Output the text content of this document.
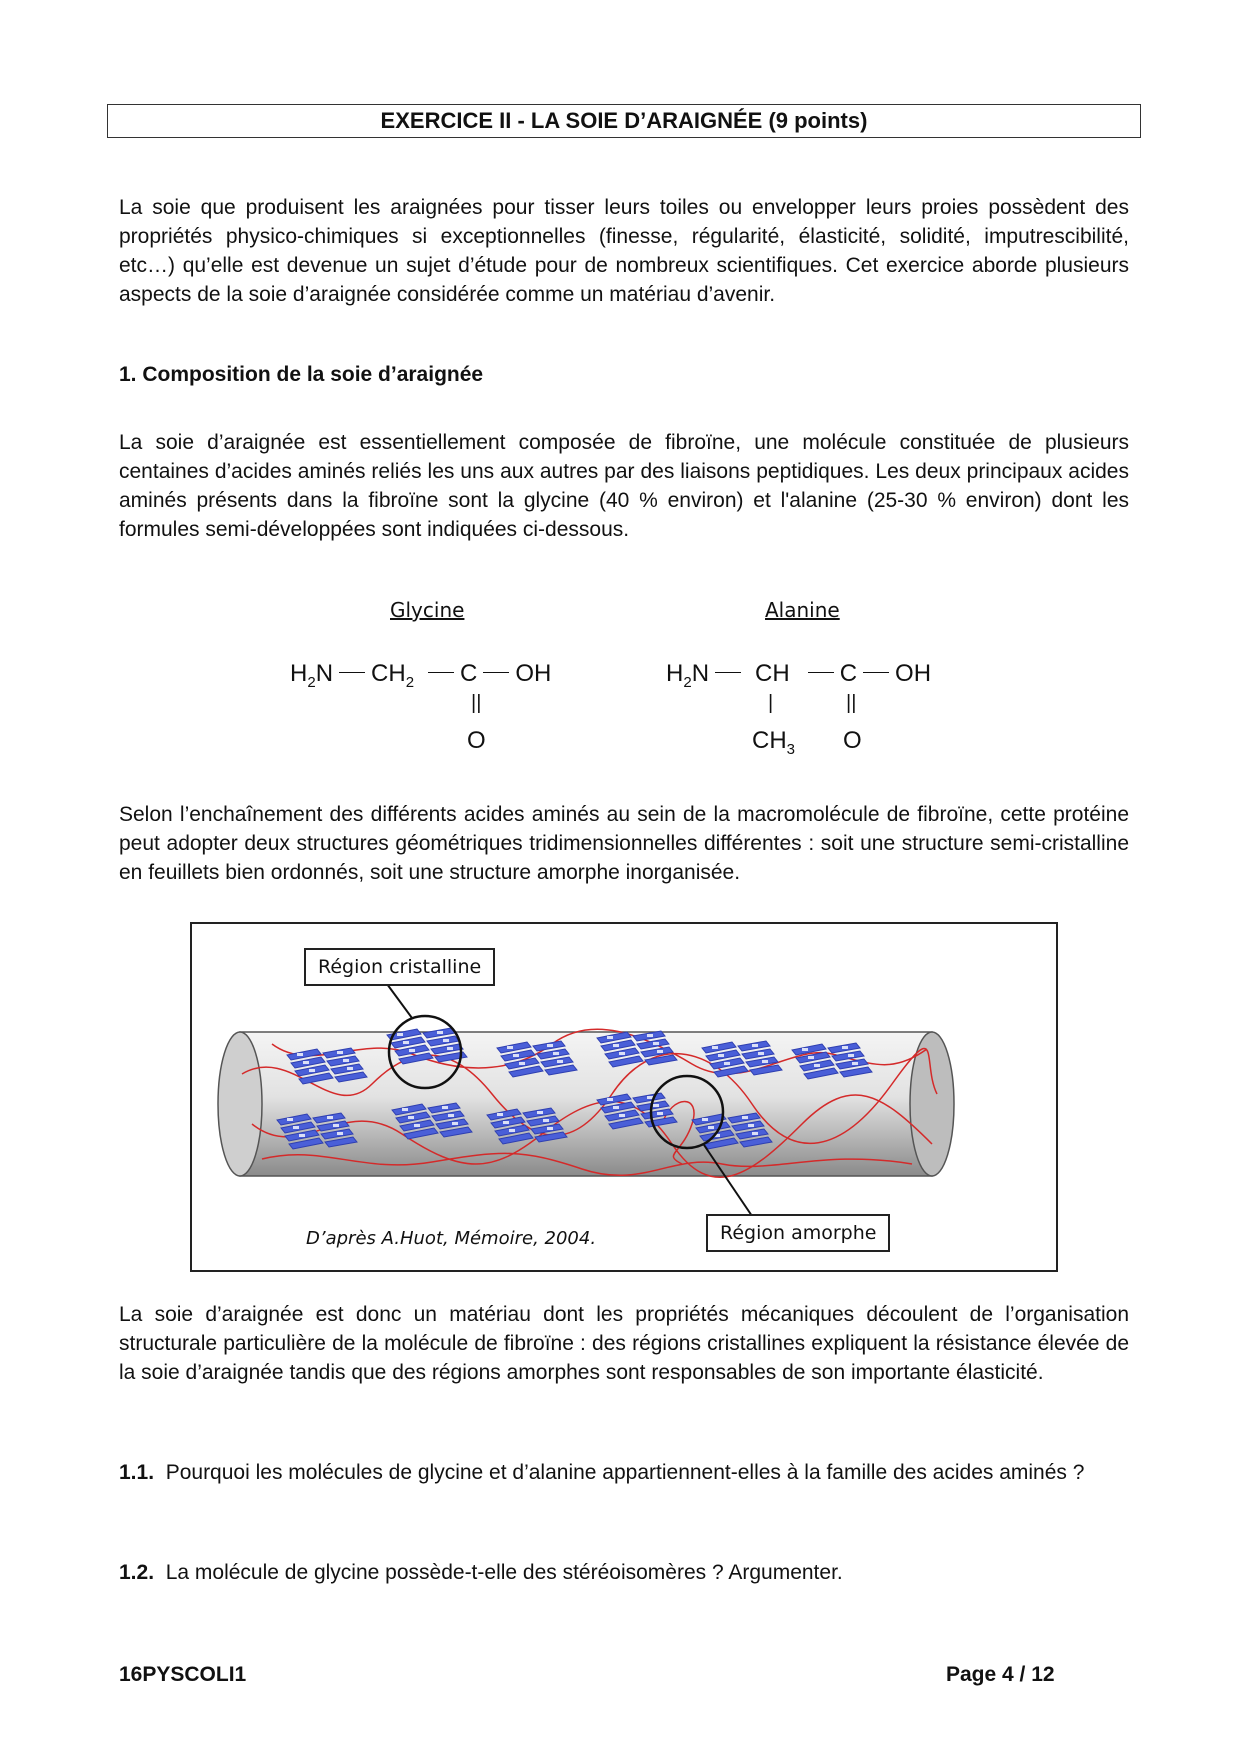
EXERCICE II - LA SOIE D’ARAIGNÉE (9 points)

La soie que produisent les araignées pour tisser leurs toiles ou envelopper leurs proies possèdent des propriétés physico-chimiques si exceptionnelles (finesse, régularité, élasticité, solidité, imputrescibilité, etc…) qu’elle est devenue un sujet d’étude pour de nombreux scientifiques. Cet exercice aborde plusieurs aspects de la soie d’araignée considérée comme un matériau d’avenir.

1. Composition de la soie d’araignée

La soie d’araignée est essentiellement composée de fibroïne, une molécule constituée de plusieurs centaines d’acides aminés reliés les uns aux autres par des liaisons peptidiques. Les deux principaux acides aminés présents dans la fibroïne sont la glycine (40 % environ) et l'alanine (25-30 % environ) dont les formules semi-développées sont indiquées ci-dessous.

Glycine
$H_2N$ $CH_2$ C OH
||
O
Alanine
$H_2N$ CH C OH
|	||
$CH_3$ O

Selon l’enchaînement des différents acides aminés au sein de la macromolécule de fibroïne, cette protéine peut adopter deux structures géométriques tridimensionnelles différentes : soit une structure semi-cristalline en feuillets bien ordonnés, soit une structure amorphe inorganisée.

Région cristalline
Région amorphe
D’après A.Huot, Mémoire, 2004.

La soie d’araignée est donc un matériau dont les propriétés mécaniques découlent de l’organisation structurale particulière de la molécule de fibroïne : des régions cristallines expliquent la résistance élevée de la soie d’araignée tandis que des régions amorphes sont responsables de son importante élasticité.

1.1. Pourquoi les molécules de glycine et d’alanine appartiennent-elles à la famille des acides aminés ?

1.2. La molécule de glycine possède-t-elle des stéréoisomères ? Argumenter.

16PYSCOLI1	Page 4 / 12
